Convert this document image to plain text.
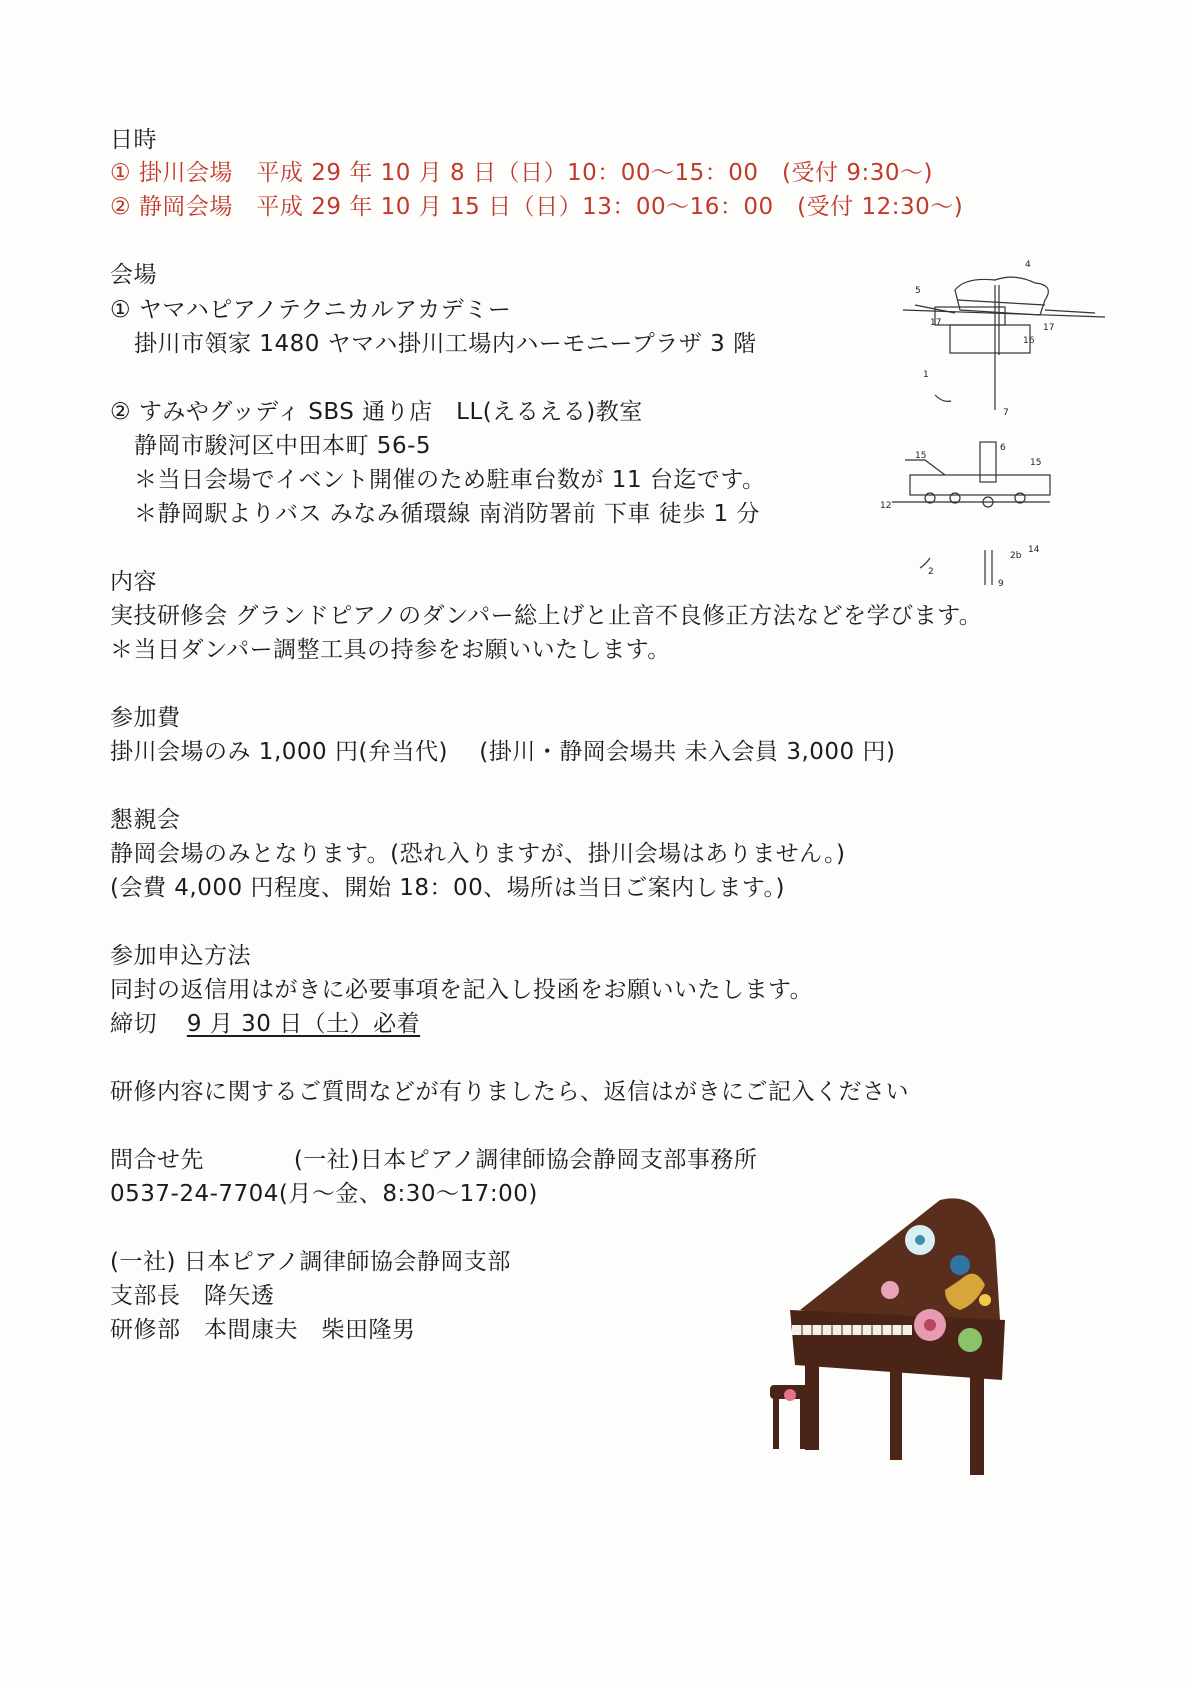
日時
① 掛川会場　平成 29 年 10 月 8 日（日）10：00～15：00　(受付 9:30～)
② 静岡会場　平成 29 年 10 月 15 日（日）13：00～16：00　(受付 12:30～)
会場
① ヤマハピアノテクニカルアカデミー
掛川市領家 1480 ヤマハ掛川工場内ハーモニープラザ 3 階
② すみやグッディ SBS 通り店　LL(えるえる)教室
静岡市駿河区中田本町 56-5
＊当日会場でイベント開催のため駐車台数が 11 台迄です。
＊静岡駅よりバス みなみ循環線 南消防署前 下車 徒歩 1 分
内容
実技研修会 グランドピアノのダンパー総上げと止音不良修正方法などを学びます。
＊当日ダンパー調整工具の持参をお願いいたします。
参加費
掛川会場のみ 1,000 円(弁当代)　 (掛川・静岡会場共 未入会員 3,000 円)
懇親会
静岡会場のみとなります。(恐れ入りますが、掛川会場はありません。)
(会費 4,000 円程度、開始 18：00、場所は当日ご案内します。)
参加申込方法
同封の返信用はがきに必要事項を記入し投函をお願いいたします。
締切 9 月 30 日（土）必着
研修内容に関するご質問などが有りましたら、返信はがきにご記入ください
問合せ先	(一社)日本ピアノ調律師協会静岡支部事務所
0537-24-7704(月～金、8:30～17:00)
(一社) 日本ピアノ調律師協会静岡支部
支部長　降矢透
研修部　本間康夫　柴田隆男
4
5
17	17
16
1
7
12
15
6
15
2b
14
2
9
